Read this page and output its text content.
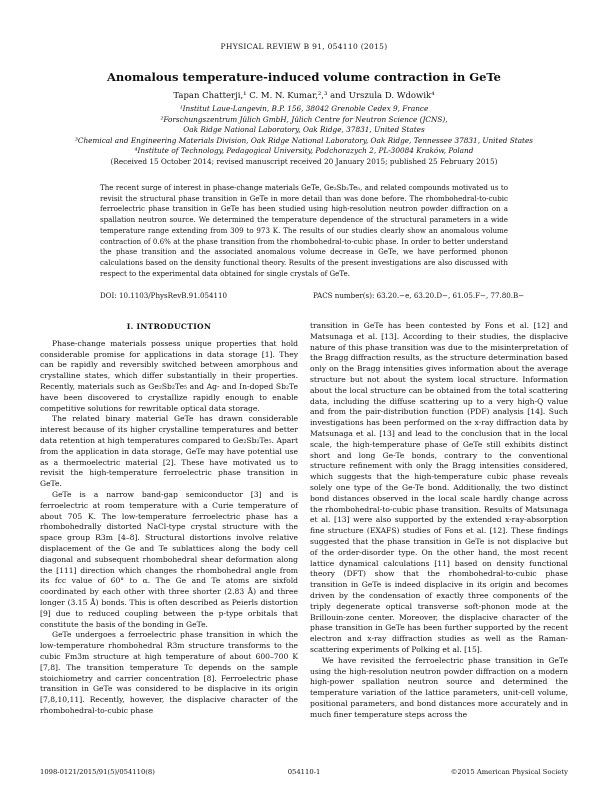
PHYSICAL REVIEW B 91, 054110 (2015)
Anomalous temperature-induced volume contraction in GeTe
Tapan Chatterji,¹ C. M. N. Kumar,²,³ and Urszula D. Wdowik⁴
¹Institut Laue-Langevin, B.P. 156, 38042 Grenoble Cedex 9, France
²Forschungszentrum Jülich GmbH, Jülich Centre for Neutron Science (JCNS),
Oak Ridge National Laboratory, Oak Ridge, 37831, United States
³Chemical and Engineering Materials Division, Oak Ridge National Laboratory, Oak Ridge, Tennessee 37831, United States
⁴Institute of Technology, Pedagogical University, Podchorazych 2, PL-30084 Kraków, Poland
(Received 15 October 2014; revised manuscript received 20 January 2015; published 25 February 2015)
The recent surge of interest in phase-change materials GeTe, Ge₂Sb₂Te₅, and related compounds motivated us to revisit the structural phase transition in GeTe in more detail than was done before. The rhombohedral-to-cubic ferroelectric phase transition in GeTe has been studied using high-resolution neutron powder diffraction on a spallation neutron source. We determined the temperature dependence of the structural parameters in a wide temperature range extending from 309 to 973 K. The results of our studies clearly show an anomalous volume contraction of 0.6% at the phase transition from the rhombohedral-to-cubic phase. In order to better understand the phase transition and the associated anomalous volume decrease in GeTe, we have performed phonon calculations based on the density functional theory. Results of the present investigations are also discussed with respect to the experimental data obtained for single crystals of GeTe.
DOI: 10.1103/PhysRevB.91.054110	PACS number(s): 63.20.−e, 63.20.D−, 61.05.F−, 77.80.B−
I. INTRODUCTION

Phase-change materials possess unique properties that hold considerable promise for applications in data storage [1]. They can be rapidly and reversibly switched between amorphous and crystalline states, which differ substantially in their properties. Recently, materials such as Ge₂Sb₂Te₅ and Ag- and In-doped Sb₂Te have been discovered to crystallize rapidly enough to enable competitive solutions for rewritable optical data storage.

The related binary material GeTe has drawn considerable interest because of its higher crystalline temperatures and better data retention at high temperatures compared to Ge₂Sb₂Te₅. Apart from the application in data storage, GeTe may have potential use as a thermoelectric material [2]. These have motivated us to revisit the high-temperature ferroelectric phase transition in GeTe.

GeTe is a narrow band-gap semiconductor [3] and is ferroelectric at room temperature with a Curie temperature of about 705 K. The low-temperature ferroelectric phase has a rhombohedrally distorted NaCl-type crystal structure with the space group R3m [4–8]. Structural distortions involve relative displacement of the Ge and Te sublattices along the body cell diagonal and subsequent rhombohedral shear deformation along the [111] direction which changes the rhombohedral angle from its fcc value of 60° to α. The Ge and Te atoms are sixfold coordinated by each other with three shorter (2.83 Å) and three longer (3.15 Å) bonds. This is often described as Peierls distortion [9] due to reduced coupling between the p-type orbitals that constitute the basis of the bonding in GeTe.

GeTe undergoes a ferroelectric phase transition in which the low-temperature rhombohedral R3m structure transforms to the cubic Fm3m structure at high temperature of about 600–700 K [7,8]. The transition temperature Tc depends on the sample stoichiometry and carrier concentration [8]. Ferroelectric phase transition in GeTe was considered to be displacive in its origin [7,8,10,11]. Recently, however, the displacive character of the rhombohedral-to-cubic phase

transition in GeTe has been contested by Fons et al. [12] and Matsunaga et al. [13]. According to their studies, the displacive nature of this phase transition was due to the misinterpretation of the Bragg diffraction results, as the structure determination based only on the Bragg intensities gives information about the average structure but not about the system local structure. Information about the local structure can be obtained from the total scattering data, including the diffuse scattering up to a very high-Q value and from the pair-distribution function (PDF) analysis [14]. Such investigations has been performed on the x-ray diffraction data by Matsunaga et al. [13] and lead to the conclusion that in the local scale, the high-temperature phase of GeTe still exhibits distinct short and long Ge-Te bonds, contrary to the conventional structure refinement with only the Bragg intensities considered, which suggests that the high-temperature cubic phase reveals solely one type of the Ge-Te bond. Additionally, the two distinct bond distances observed in the local scale hardly change across the rhombohedral-to-cubic phase transition. Results of Matsunaga et al. [13] were also supported by the extended x-ray-absorption fine structure (EXAFS) studies of Fons et al. [12]. These findings suggested that the phase transition in GeTe is not displacive but of the order-disorder type. On the other hand, the most recent lattice dynamical calculations [11] based on density functional theory (DFT) show that the rhombohedral-to-cubic phase transition in GeTe is indeed displacive in its origin and becomes driven by the condensation of exactly three components of the triply degenerate optical transverse soft-phonon mode at the Brillouin-zone center. Moreover, the displacive character of the phase transition in GeTe has been further supported by the recent electron and x-ray diffraction studies as well as the Raman-scattering experiments of Polking et al. [15].

We have revisited the ferroelectric phase transition in GeTe using the high-resolution neutron powder diffraction on a modern high-power spallation neutron source and determined the temperature variation of the lattice parameters, unit-cell volume, positional parameters, and bond distances more accurately and in much finer temperature steps across the

1098-0121/2015/91(5)/054110(8)	054110-1	©2015 American Physical Society
